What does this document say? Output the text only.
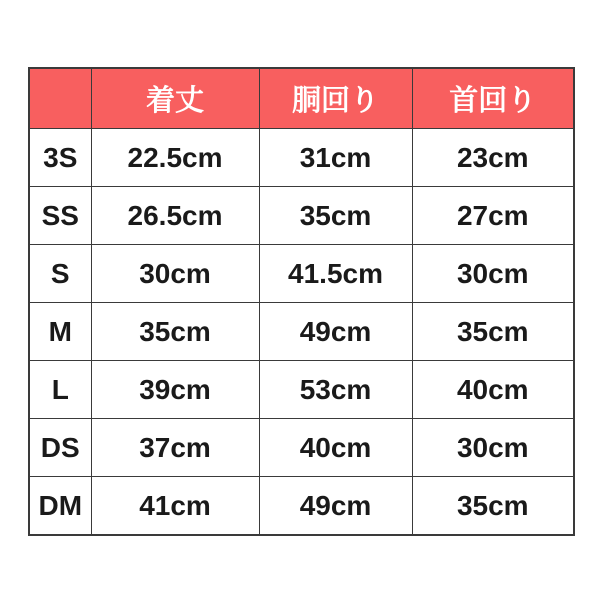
	着丈	胴回り	首回り
3S	22.5cm	31cm	23cm
SS	26.5cm	35cm	27cm
S	30cm	41.5cm	30cm
M	35cm	49cm	35cm
L	39cm	53cm	40cm
DS	37cm	40cm	30cm
DM	41cm	49cm	35cm
